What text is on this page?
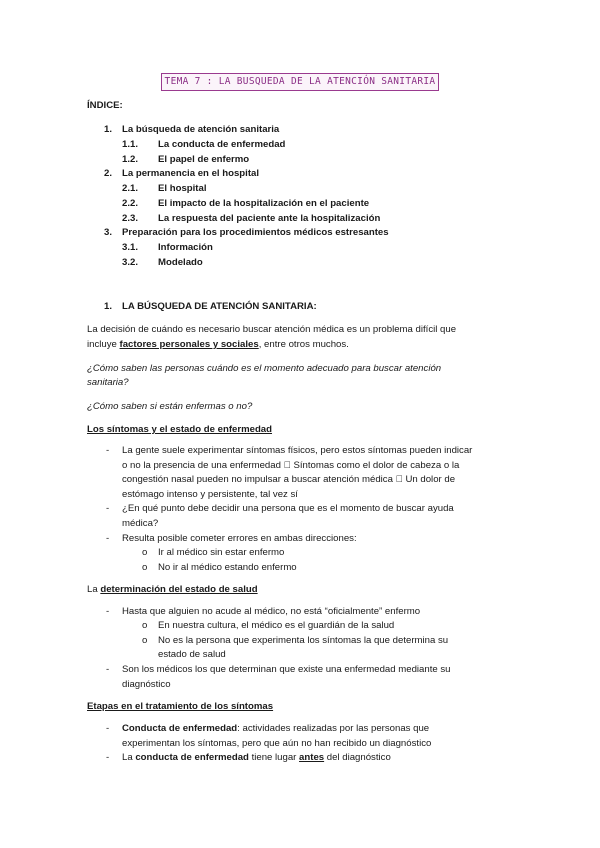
TEMA 7 : LA BUSQUEDA DE LA ATENCIÓN SANITARIA
ÍNDICE:
1. La búsqueda de atención sanitaria
1.1. La conducta de enfermedad
1.2. El papel de enfermo
2. La permanencia en el hospital
2.1. El hospital
2.2. El impacto de la hospitalización en el paciente
2.3. La respuesta del paciente ante la hospitalización
3. Preparación para los procedimientos médicos estresantes
3.1. Información
3.2. Modelado
1. LA BÚSQUEDA DE ATENCIÓN SANITARIA:
La decisión de cuándo es necesario buscar atención médica es un problema difícil que
incluye factores personales y sociales, entre otros muchos.
¿Cómo saben las personas cuándo es el momento adecuado para buscar atención
sanitaria?
¿Cómo saben si están enfermas o no?
Los síntomas y el estado de enfermedad
- La gente suele experimentar síntomas físicos, pero estos síntomas pueden indicar
o no la presencia de una enfermedad ⃝ Síntomas como el dolor de cabeza o la
congestión nasal pueden no impulsar a buscar atención médica ⃝ Un dolor de
estómago intenso y persistente, tal vez sí
- ¿En qué punto debe decidir una persona que es el momento de buscar ayuda
médica?
- Resulta posible cometer errores en ambas direcciones:
o Ir al médico sin estar enfermo
o No ir al médico estando enfermo
La determinación del estado de salud
- Hasta que alguien no acude al médico, no está “oficialmente” enfermo
o En nuestra cultura, el médico es el guardián de la salud
o No es la persona que experimenta los síntomas la que determina su
estado de salud
- Son los médicos los que determinan que existe una enfermedad mediante su
diagnóstico
Etapas en el tratamiento de los síntomas
- Conducta de enfermedad: actividades realizadas por las personas que
experimentan los síntomas, pero que aún no han recibido un diagnóstico
- La conducta de enfermedad tiene lugar antes del diagnóstico
